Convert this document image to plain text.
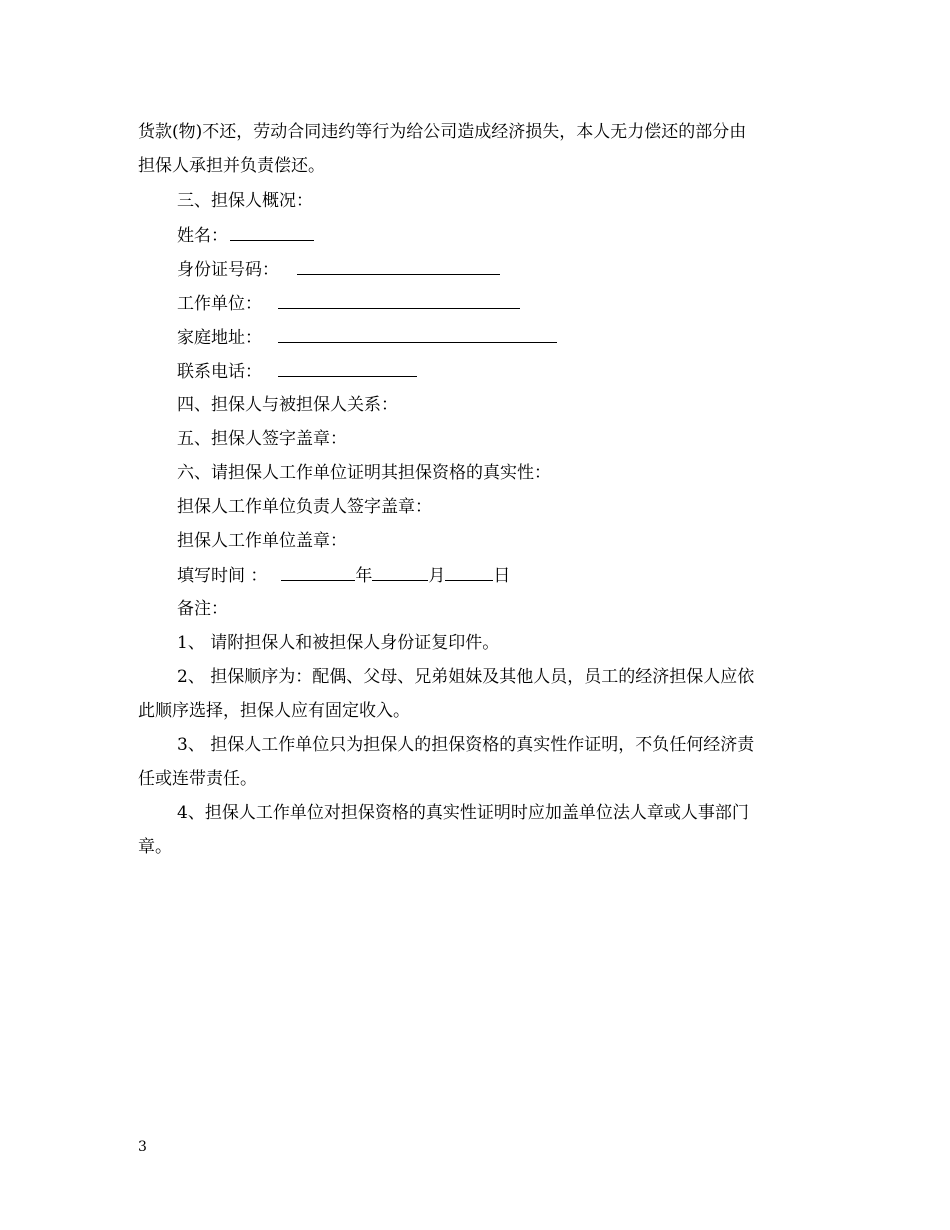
货款(物)不还，劳动合同违约等行为给公司造成经济损失，本人无力偿还的部分由
担保人承担并负责偿还。
三、担保人概况：
姓名：
身份证号码：
工作单位：
家庭地址：
联系电话：
四、担保人与被担保人关系：
五、担保人签字盖章：
六、请担保人工作单位证明其担保资格的真实性：
担保人工作单位负责人签字盖章：
担保人工作单位盖章：
填写时间 ：	年	月	日
备注：
1、 请附担保人和被担保人身份证复印件。
2、 担保顺序为：配偶、父母、兄弟姐妹及其他人员，员工的经济担保人应依
此顺序选择，担保人应有固定收入。
3、 担保人工作单位只为担保人的担保资格的真实性作证明，不负任何经济责
任或连带责任。
4、担保人工作单位对担保资格的真实性证明时应加盖单位法人章或人事部门
章。
3
